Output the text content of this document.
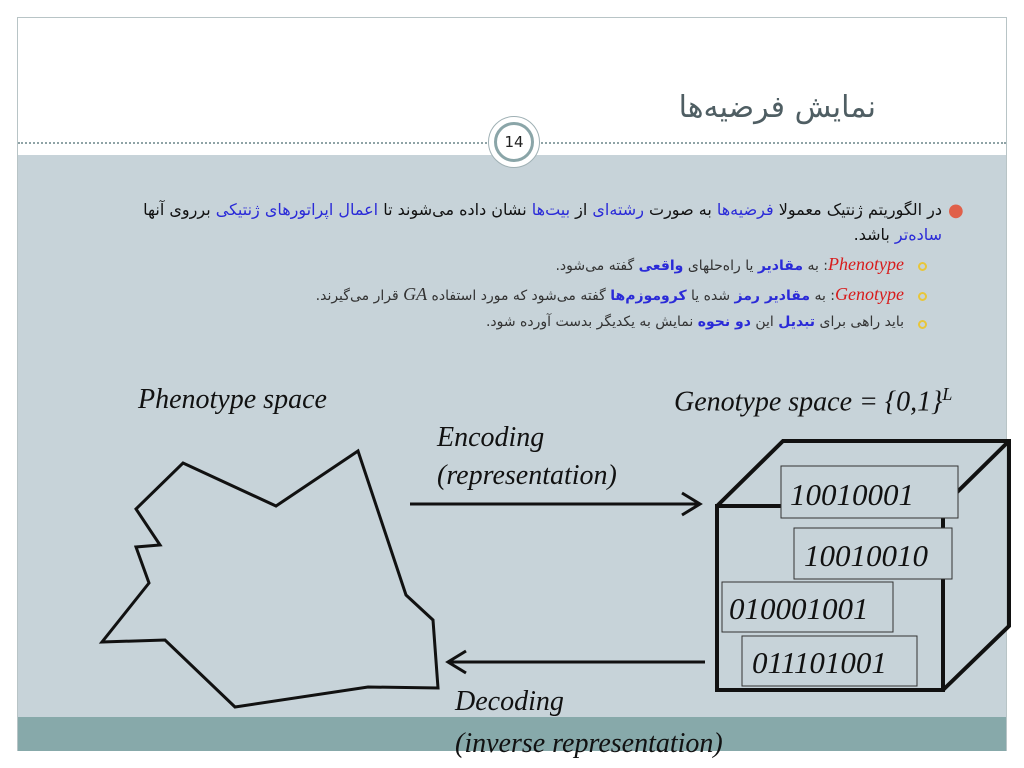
نمایش فرضیه‌ها
14
●
در الگوریتم ژنتیک معمولا فرضیه‌ها به صورت رشته‌ای از بیت‌ها نشان داده می‌شوند تا اعمال اپراتورهای ژنتیکی برروی آنها ساده‌تر باشد.
Phenotype: به مقادیر یا راه‌حلهای واقعی گفته می‌شود.
Genotype: به مقادیر رمز شده یا کروموزم‌ها گفته می‌شود که مورد استفاده GA قرار می‌گیرند.
باید راهی برای تبدیل این دو نحوه نمایش به یکدیگر بدست آورده شود.
Phenotype space	Genotype space = $\{0,1\}^L$
Encoding
(representation)
Decoding
(inverse representation)
10010001
10010010
010001001
011101001
